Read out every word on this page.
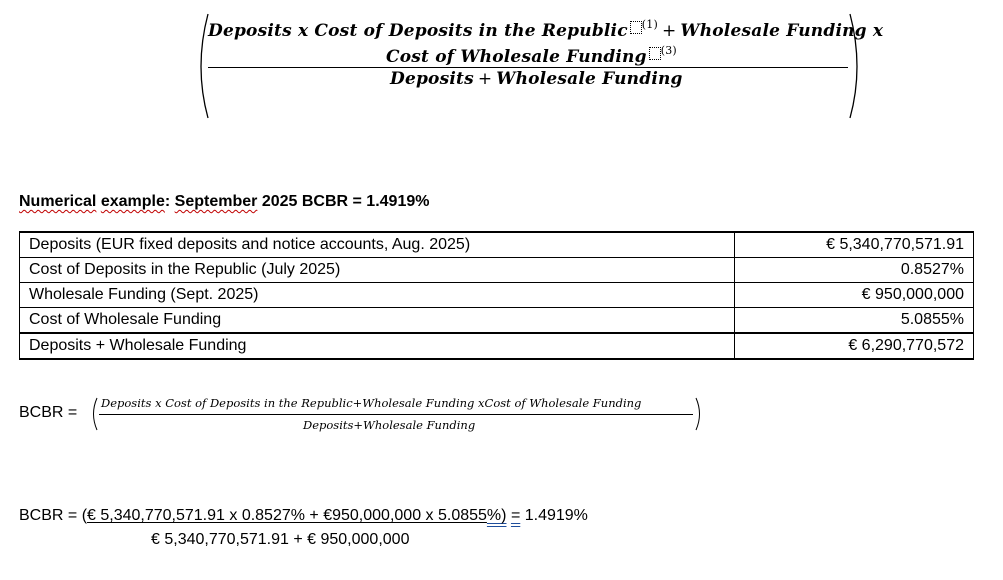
Deposits x Cost of Deposits in the Republic $^{(1)}$ + Wholesale Funding x
Cost of Wholesale Funding $^{(3)}$
Deposits + Wholesale Funding
Numerical example: September 2025 BCBR = 1.4919%
Deposits (EUR fixed deposits and notice accounts, Aug. 2025)	€ 5,340,770,571.91
Cost of Deposits in the Republic (July 2025)	0.8527%
Wholesale Funding (Sept. 2025)	€ 950,000,000
Cost of Wholesale Funding	5.0855%
Deposits + Wholesale Funding	€ 6,290,770,572
BCBR =
Deposits x Cost of Deposits in the Republic+Wholesale Funding xCost of Wholesale Funding
Deposits+Wholesale Funding
BCBR = (€ 5,340,770,571.91 x 0.8527% + €950,000,000 x 5.0855%) = 1.4919%
€ 5,340,770,571.91 + € 950,000,000
